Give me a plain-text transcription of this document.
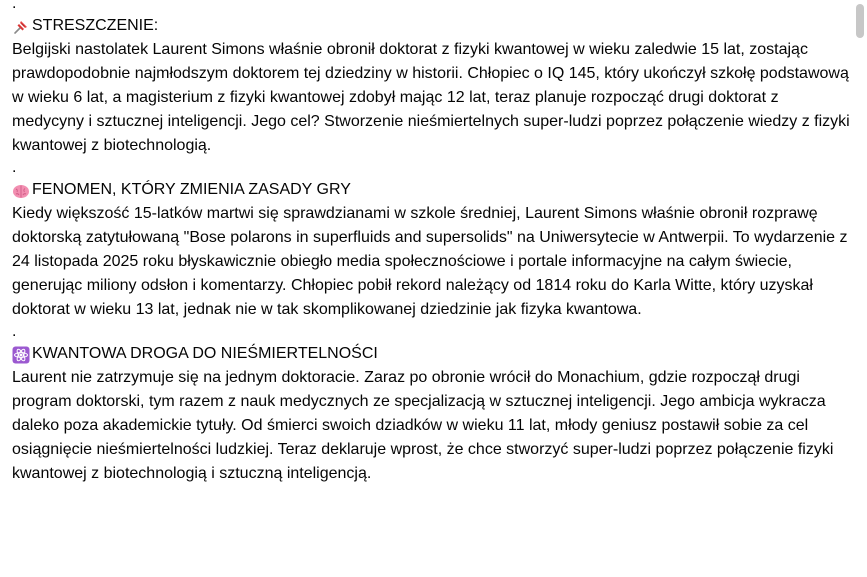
.
STRESZCZENIE:

Belgijski nastolatek Laurent Simons właśnie obronił doktorat z fizyki kwantowej w wieku zaledwie 15 lat, zostając prawdopodobnie najmłodszym doktorem tej dziedziny w historii. Chłopiec o IQ 145, który ukończył szkołę podstawową w wieku 6 lat, a magisterium z fizyki kwantowej zdobył mając 12 lat, teraz planuje rozpocząć drugi doktorat z medycyny i sztucznej inteligencji. Jego cel? Stworzenie nieśmiertelnych super-ludzi poprzez połączenie wiedzy z fizyki kwantowej z biotechnologią.

.
FENOMEN, KTÓRY ZMIENIA ZASADY GRY

Kiedy większość 15-latków martwi się sprawdzianami w szkole średniej, Laurent Simons właśnie obronił rozprawę doktorską zatytułowaną "Bose polarons in superfluids and supersolids" na Uniwersytecie w Antwerpii. To wydarzenie z 24 listopada 2025 roku błyskawicznie obiegło media społecznościowe i portale informacyjne na całym świecie, generując miliony odsłon i komentarzy. Chłopiec pobił rekord należący od 1814 roku do Karla Witte, który uzyskał doktorat w wieku 13 lat, jednak nie w tak skomplikowanej dziedzinie jak fizyka kwantowa.

.
KWANTOWA DROGA DO NIEŚMIERTELNOŚCI

Laurent nie zatrzymuje się na jednym doktoracie. Zaraz po obronie wrócił do Monachium, gdzie rozpoczął drugi program doktorski, tym razem z nauk medycznych ze specjalizacją w sztucznej inteligencji. Jego ambicja wykracza daleko poza akademickie tytuły. Od śmierci swoich dziadków w wieku 11 lat, młody geniusz postawił sobie za cel osiągnięcie nieśmiertelności ludzkiej. Teraz deklaruje wprost, że chce stworzyć super-ludzi poprzez połączenie fizyki kwantowej z biotechnologią i sztuczną inteligencją.
